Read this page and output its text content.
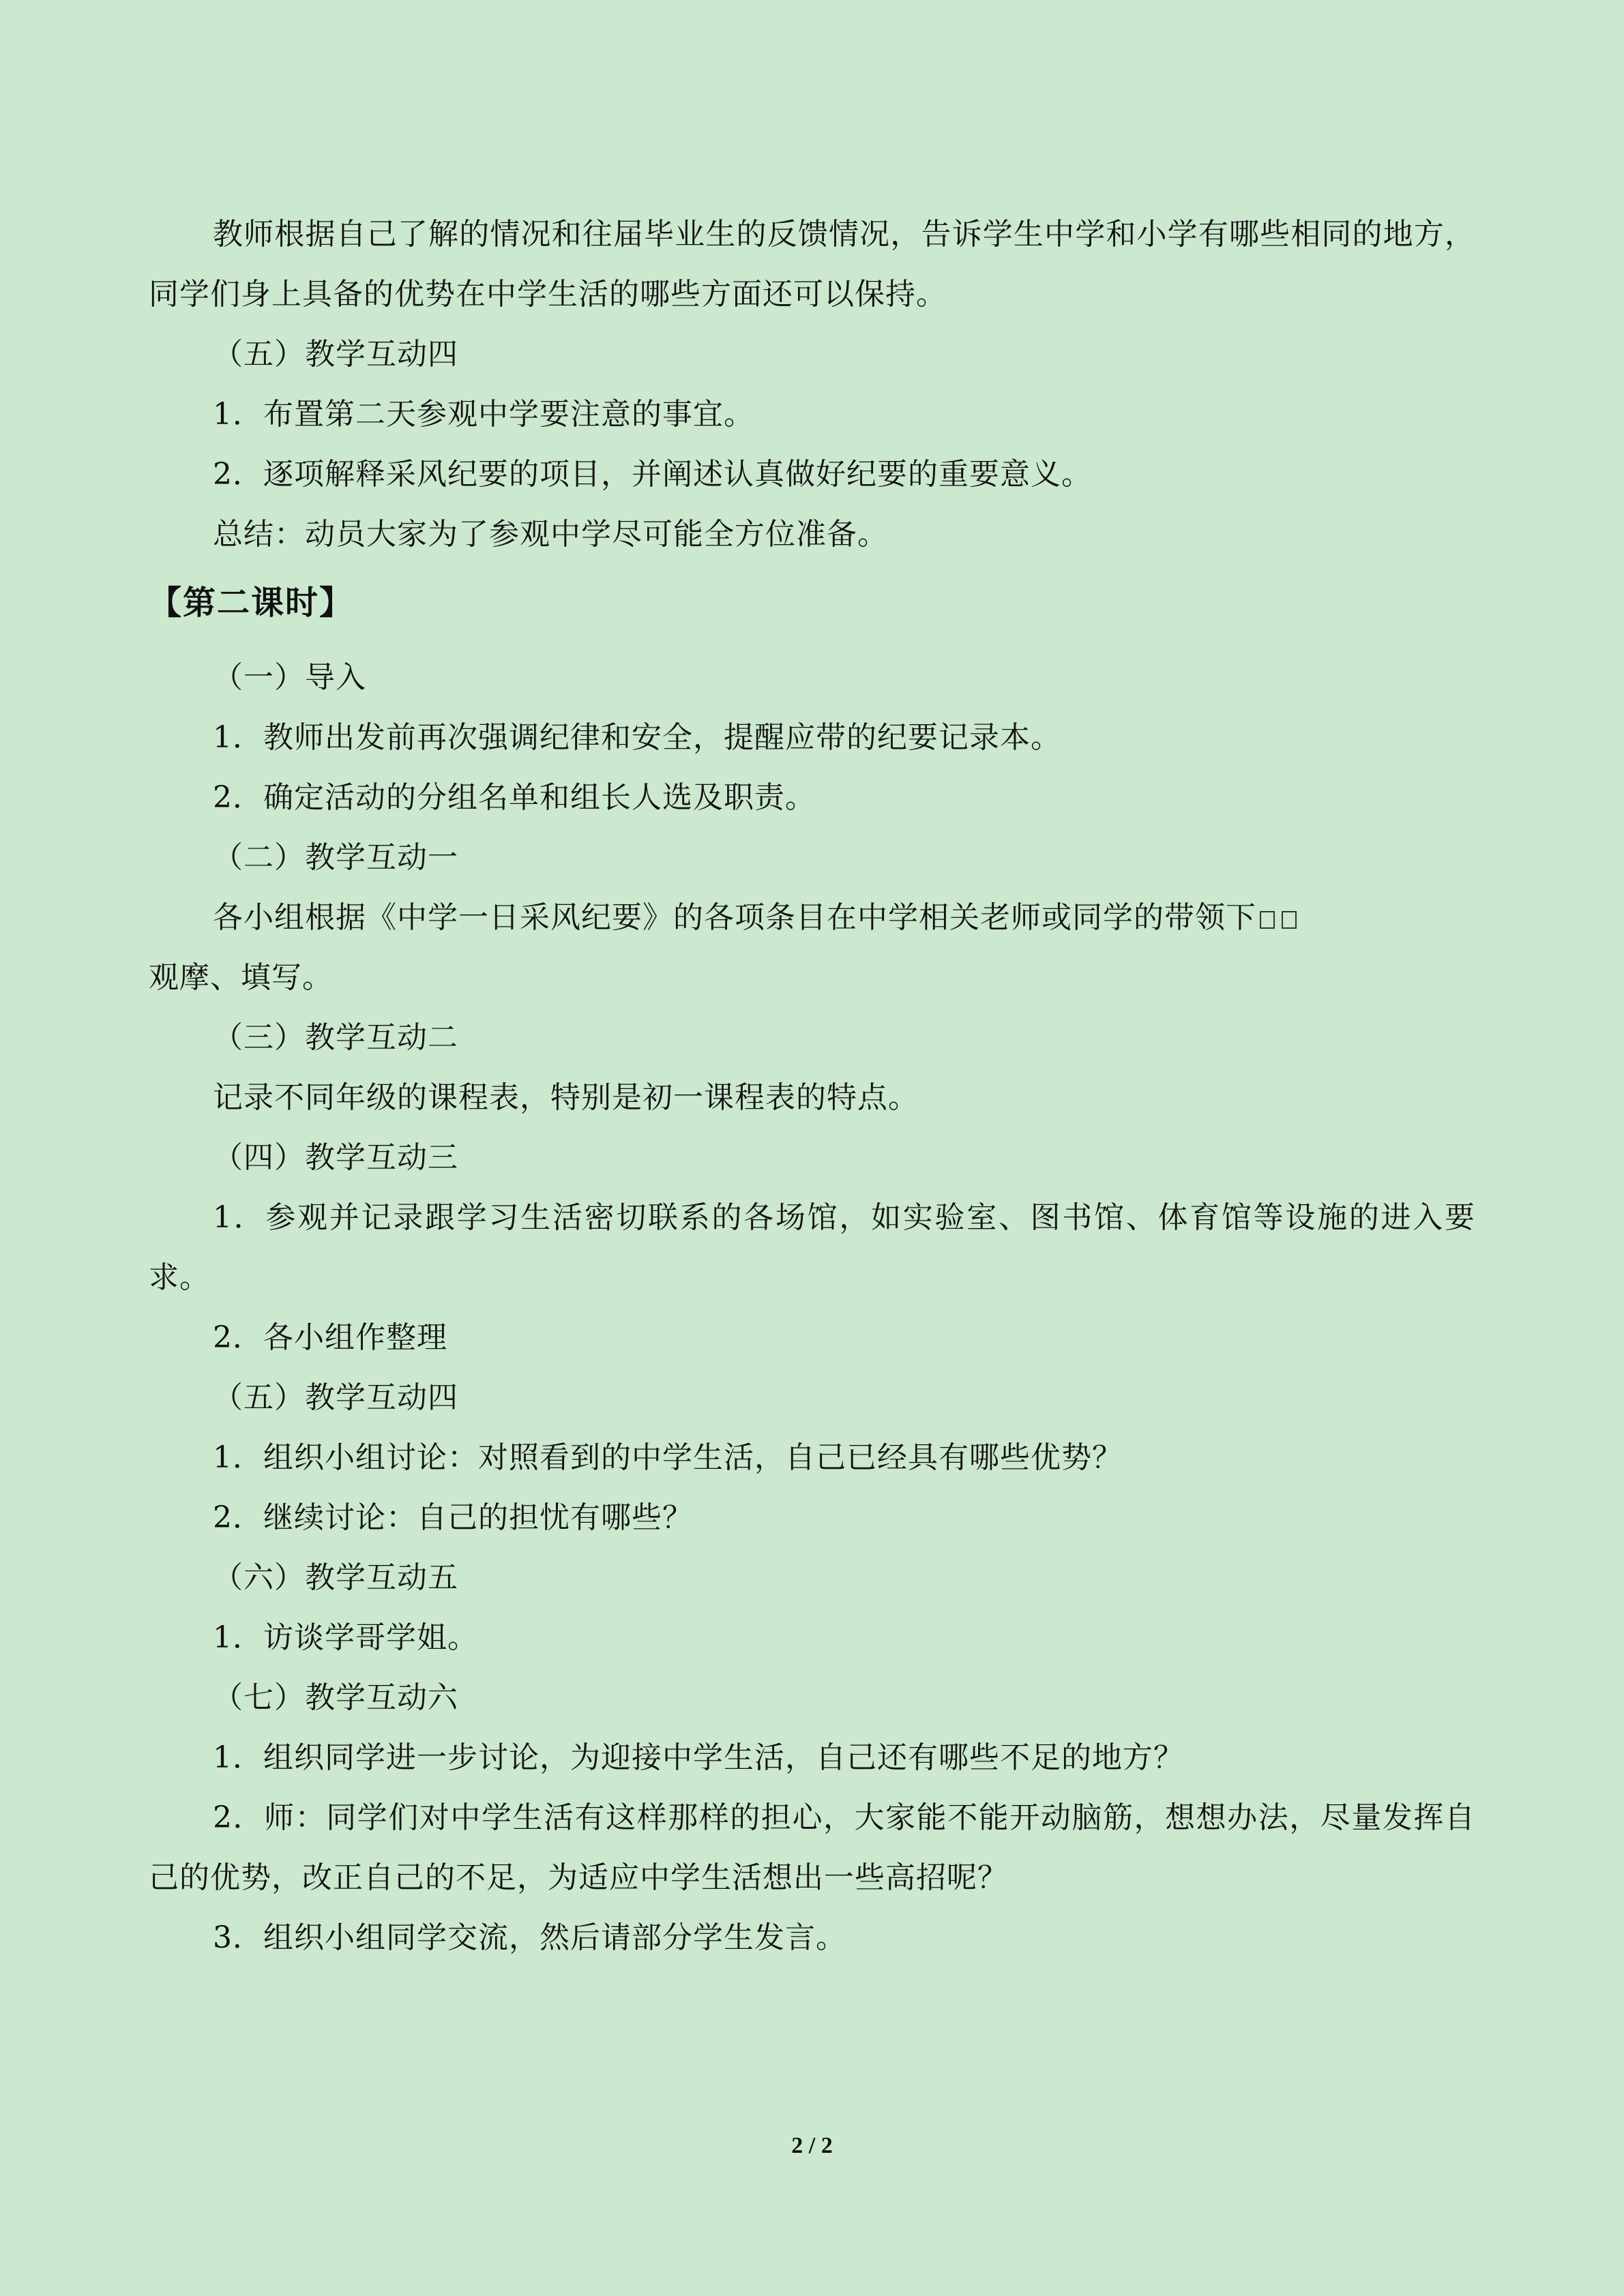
教师根据自己了解的情况和往届毕业生的反馈情况，告诉学生中学和小学有哪些相同的地方，同学们身上具备的优势在中学生活的哪些方面还可以保持。
（五）教学互动四
1．布置第二天参观中学要注意的事宜。
2．逐项解释采风纪要的项目，并阐述认真做好纪要的重要意义。
总结：动员大家为了参观中学尽可能全方位准备。
【第二课时】
（一）导入
1．教师出发前再次强调纪律和安全，提醒应带的纪要记录本。
2．确定活动的分组名单和组长人选及职责。
（二）教学互动一
各小组根据《中学一日采风纪要》的各项条目在中学相关老师或同学的带领下
观摩、填写。
（三）教学互动二
记录不同年级的课程表，特别是初一课程表的特点。
（四）教学互动三
1．参观并记录跟学习生活密切联系的各场馆，如实验室、图书馆、体育馆等设施的进入要求。
2．各小组作整理
（五）教学互动四
1．组织小组讨论：对照看到的中学生活，自己已经具有哪些优势？
2．继续讨论：自己的担忧有哪些？
（六）教学互动五
1．访谈学哥学姐。
（七）教学互动六
1．组织同学进一步讨论，为迎接中学生活，自己还有哪些不足的地方？
2．师：同学们对中学生活有这样那样的担心，大家能不能开动脑筋，想想办法，尽量发挥自己的优势，改正自己的不足，为适应中学生活想出一些高招呢？
3．组织小组同学交流，然后请部分学生发言。
2 / 2
